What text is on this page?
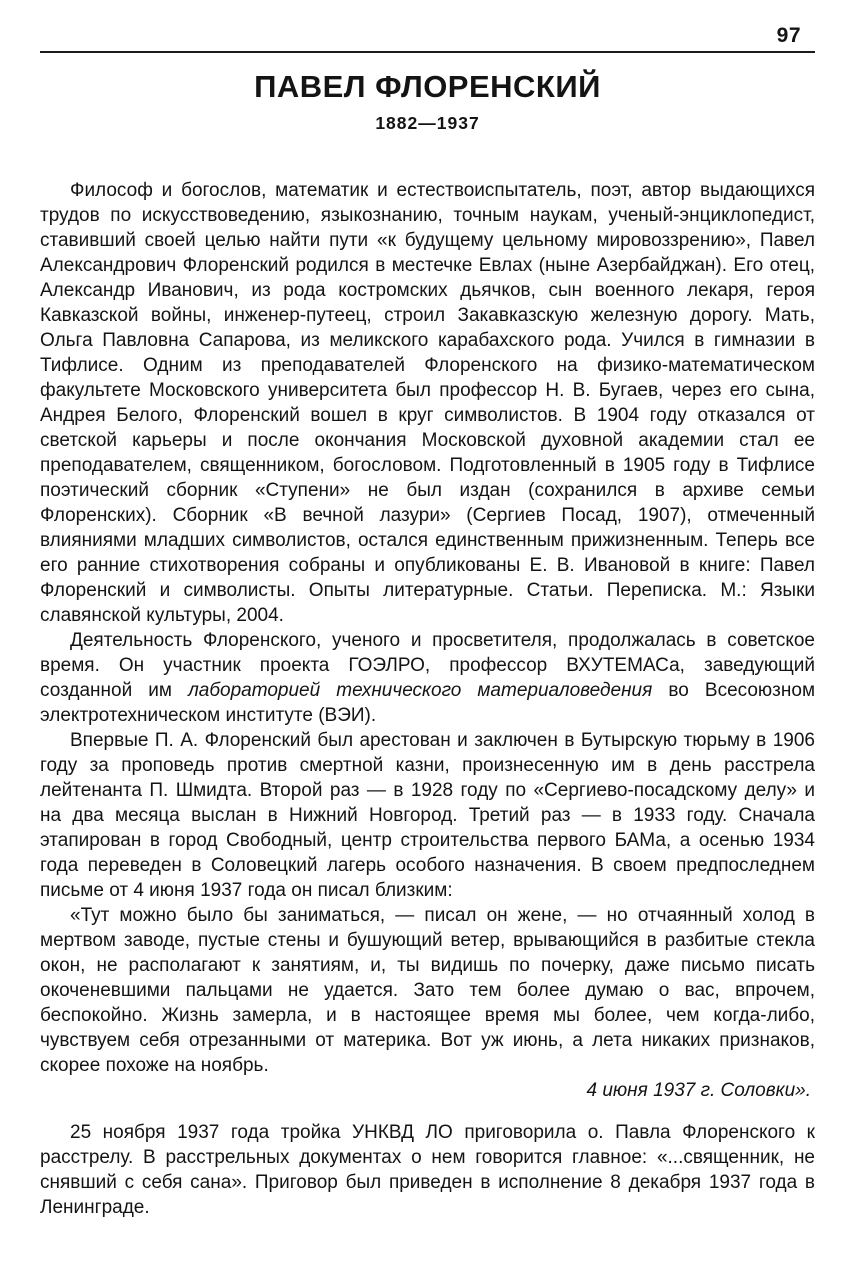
97
ПАВЕЛ ФЛОРЕНСКИЙ
1882—1937

Философ и богослов, математик и естествоиспытатель, поэт, автор выдающихся трудов по искусствоведению, языкознанию, точным наукам, ученый-энциклопедист, ставивший своей целью найти пути «к будущему цельному мировоззрению», Павел Александрович Флоренский родился в местечке Евлах (ныне Азербайджан). Его отец, Александр Иванович, из рода костромских дьячков, сын военного лекаря, героя Кавказской войны, инженер-путеец, строил Закавказскую железную дорогу. Мать, Ольга Павловна Сапарова, из меликского карабахского рода. Учился в гимназии в Тифлисе. Одним из преподавателей Флоренского на физико-математическом факультете Московского университета был профессор Н. В. Бугаев, через его сына, Андрея Белого, Флоренский вошел в круг символистов. В 1904 году отказался от светской карьеры и после окончания Московской духовной академии стал ее преподавателем, священником, богословом. Подготовленный в 1905 году в Тифлисе поэтический сборник «Ступени» не был издан (сохранился в архиве семьи Флоренских). Сборник «В вечной лазури» (Сергиев Посад, 1907), отмеченный влияниями младших символистов, остался единственным прижизненным. Теперь все его ранние стихотворения собраны и опубликованы Е. В. Ивановой в книге: Павел Флоренский и символисты. Опыты литературные. Статьи. Переписка. М.: Языки славянской культуры, 2004.

Деятельность Флоренского, ученого и просветителя, продолжалась в советское время. Он участник проекта ГОЭЛРО, профессор ВХУТЕМАСа, заведующий созданной им лабораторией технического материаловедения во Всесоюзном электротехническом институте (ВЭИ).

Впервые П. А. Флоренский был арестован и заключен в Бутырскую тюрьму в 1906 году за проповедь против смертной казни, произнесенную им в день расстрела лейтенанта П. Шмидта. Второй раз — в 1928 году по «Сергиево-посадскому делу» и на два месяца выслан в Нижний Новгород. Третий раз — в 1933 году. Сначала этапирован в город Свободный, центр строительства первого БАМа, а осенью 1934 года переведен в Соловецкий лагерь особого назначения. В своем предпоследнем письме от 4 июня 1937 года он писал близким:

«Тут можно было бы заниматься, — писал он жене, — но отчаянный холод в мертвом заводе, пустые стены и бушующий ветер, врывающийся в разбитые стекла окон, не располагают к занятиям, и, ты видишь по почерку, даже письмо писать окоченевшими пальцами не удается. Зато тем более думаю о вас, впрочем, беспокойно. Жизнь замерла, и в настоящее время мы более, чем когда-либо, чувствуем себя отрезанными от материка. Вот уж июнь, а лета никаких признаков, скорее похоже на ноябрь.

4 июня 1937 г. Соловки».

25 ноября 1937 года тройка УНКВД ЛО приговорила о. Павла Флоренского к расстрелу. В расстрельных документах о нем говорится главное: «...священник, не снявший с себя сана». Приговор был приведен в исполнение 8 декабря 1937 года в Ленинграде.
